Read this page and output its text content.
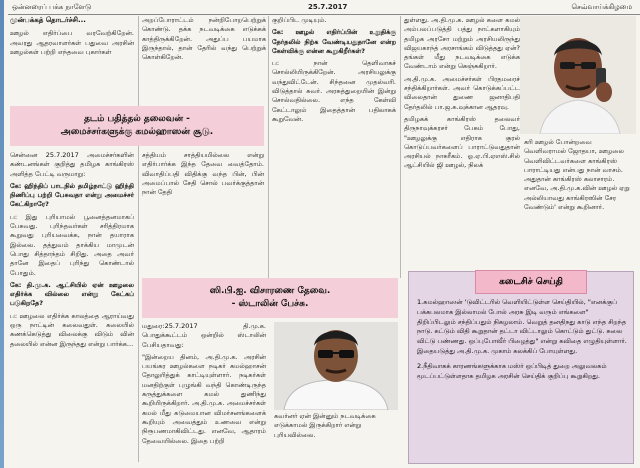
ஒன்னரைப் பக்க நாளேடு	25.7.2017	செவ்வாய்க்கிழமை
முன்பக்கத் தொடர்ச்சி...

ஊழல் எதிர்ப்பை வரவேற்கிறேன். அவரது ஆதரவாளர்கள் பதுவை அரசின் ஊழல்கள் பற்றி எந்தவை புகார்கள்

சென்னை 25.7.2017 அமைச்சர்களின் கண்டனங்கள் குறித்து தமிழக காங்கிரஸ் அளித்த பேட்டி வருமாறு:

கே: ஹிந்திப் பாடநில் தமிழ்நாட்டு ஹிந்தி நிணிப்பு பற்றி பேசுவதா என்று அமைச்சர் கேட்கிறாரே?

ப: இது புரியாமல் பூனைத்தனமாகப் பேசுவது. புரிந்தவர்கள் சரித்திரமாக கூறுவது புரியவைக்க, நான் தயாராக இல்லை. தத்துவம் தாக்கிய மாமுடன் பொது சித்தாந்தம் சிறிது. அதை அவர் தானே இதைப் புரிந்து கொண்டால் போதும்.

கே: தி.மு.க. ஆட்சியில் ஏன் ஊழலை எதிர்க்க வில்லை என்று கேட்கப் படுகிறதே?

ப: ஊழலை எதிர்க்க காலத்தை ஆராய்வது ஒரு நாட்டின் கலைவதுள். கலையில் கணக்கெடுத்து விலைக்கு விடும் வின் தலையில் என்ன இருந்தது என்று பார்க்க...

தடம் பதித்தல் தலைவன் -
அமைச்சர்களுக்கு கமல்ஹாஸன் சூடு.

அறப்போராட்டம் நன்றிபோறபெற்றுக் கொண்டு. தக்க நடவடிக்கை எடுக்கக் காத்திருக்கிறேன். அதுப்ப பயமாக இருந்தால், தான் தேரில் வந்து பெற்றுக் கொள்கிறேன்.

சத்தியம் சாத்தியமில்லை என்று எதிர்பார்க்க இந்த தேவை வைத்தோம். விவாதிப்பதி விதிக்கு வந்த பின், பின் அமைப்பால் சேதி சொல் பவர்க்குத்தான் நான் தேதி

குறிப்பிட முடியும்.

கே: ஊழல் எதிர்ப்பின் உறுதிக்கு தேர்தலில் நிற்க வேண்டியதுதானே என்ற கேள்விக்கு என்ன கூறுகிறீர்கள்?

ப: நான் தெளிவாகச் சொல்லியிருக்கிறேன். அரசியலுக்கு வந்துவிட்டேன். சிந்தனை முதல்வரி. விடுத்தால் சுவர். அரசுத்துறையின் இன்று சொல்வதில்லை. எந்த கேள்வி கேட்டாலும் இதைத்தான் பதிலாகக் கூறுவேன்.

துள்ளது. அ.தி.மு.க. ஊழல் களை கமல் அம்பலப்படுத்தி பத்து நாட்களாகியும் தமிழக அரசோ மற்றும் அரசியலிருந்து விஜயகாந்த் அரசாங்கம் விடுத்தது ஏன்? தங்கள் மீது நடவடிக்கை எடுக்க வேண்டாம் என்று கெஞ்சுகிறார்.

அ.தி.மு.க. அமைச்சர்கள் பிரதமரைச் சந்திக்கிறார்கள். அவர் கொடுக்கப்பட்ட விலைதான் துணை ஜனாதிபதி தேர்தலில் பா.ஜ.க.வுக்கான ஆதரவு.

தமிழகக் காங்கிரஸ் தலைவர் திருநாவுக்கரசர் பேசும் போது, "ஊழலுக்கு எதிராக குரல் கொடுப்பவர்களைப் பாராட்டுவதுதான் அரசியல் நாகரீகம். ஓ.ஏ.பி.ஏஎஸ்.சில் ஆட்சியில் ஜி ஊழல், நிலக்

கரி ஊழல் போன்றவை வெளிவராமல் ஜோதயா, ஊழலை வெளிவிட்டவர்களை காங்கிரஸ் பாராட்டியது என்பது நான் வாசம். அதுதான் காங்கிரஸ் கலாசாரம். எனவே, அ.தி.மு.க.வின் ஊழல் ஏறு அல்லியாவது காங்கிரஸின் சேர வேண்டும்' என்று கூறினார்.
ஸி.பி.ஐ. விசாரணை தேவை.
- ஸ்டாலின் பேச்சு.

மதுரை:25.7.2017 தி.மு.க. பொதுக்கூட்டம் ஒன்றில் ஸ்டாலின் பேசியதாவது:

"இன்றைய தினம், அ.தி.மு.க. அரசின் பயங்கர ஊழல்களை நடிகர் கமல்ஹாசன் தோலுரித்துக் காட்டியுள்ளார். நடிகர்கள் மனதிற்குள் புழுங்கி வந்தி கொண்டிருந்த கருத்துக்களை கமல் துணிந்து கூறியிருக்கிறார். அ.தி.மு.க. அமைச்சர்கள் கமல் மீது கடுமையான விமர்சனங்களைக் கூறியும் அவைத்தும் உணவை என்று நிரூபணமாகிவிட்டது. எனவே, ஆதாரம் தேவையில்லை. இதை பற்றி

கவர்னர் ஏன் இன்னும் நடவடிக்கை எடுக்காமல் இருக்கிறார் என்று புரியவில்லை.
கடைசிச் செய்தி

1.கமல்ஹாஸன் 'டுவிட்டரில் வெளியிட்டுள்ள செய்தியில், "எனக்குப் பக்கபலமாக இல்லாமல் போல் அரசு இடி வரும் எங்களை" திறிப்பிடலும் சந்திப்பதும் நிகழலாம். வெறுத் தனதிநது காடு எந்த சிறந்த நாடு. கட்டும் விதி கூறுதான் தட்டா விட்டாலும் கொட்டும் துட்டு. சுலை விட்டு பண்ணது. ஒப்புபோவீர் பிழைத்து" என்று கவிதை எழுதியுள்ளார். இதையடுத்து அ.தி.மு.க. முகாம் கலக்கிப் போயுள்ளது.

2.நீதிவாகக் காரணங்களுக்காக மஸ்ர் ஒப்பிடித் துறை அலுவலகம் மூடப்பட்டுள்ளதாக தமிழக அரசின் செய்திக் குறிப்பு கூறுகிறது.
